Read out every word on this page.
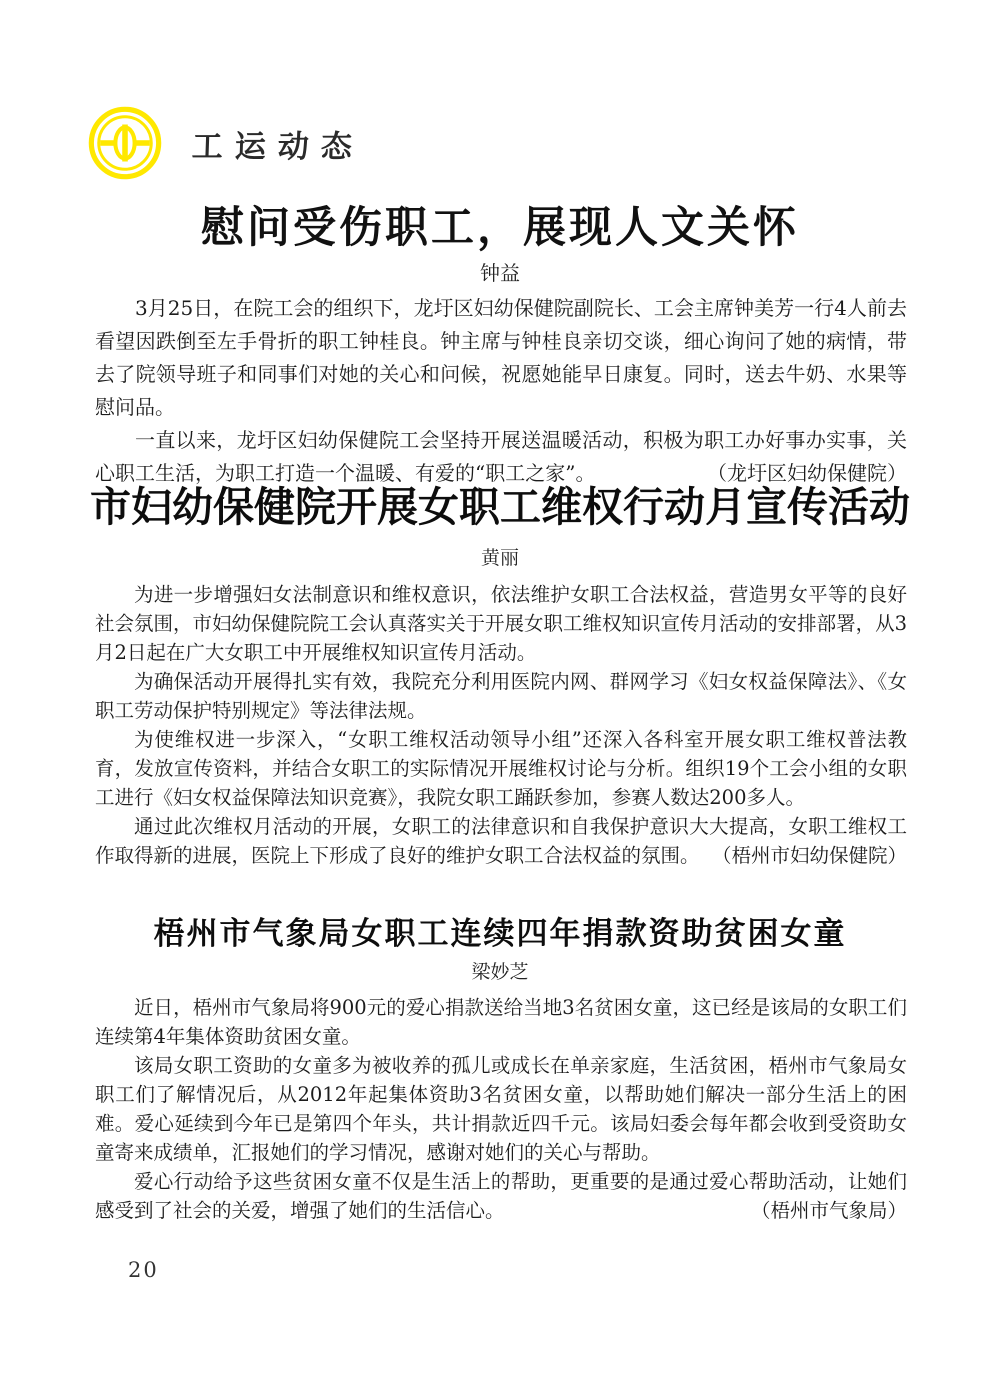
工运动态
慰问受伤职工，展现人文关怀
钟益

3月25日，在院工会的组织下，龙圩区妇幼保健院副院长、工会主席钟美芳一行4人前去看望因跌倒至左手骨折的职工钟桂良。钟主席与钟桂良亲切交谈，细心询问了她的病情，带去了院领导班子和同事们对她的关心和问候，祝愿她能早日康复。同时，送去牛奶、水果等慰问品。

一直以来，龙圩区妇幼保健院工会坚持开展送温暖活动，积极为职工办好事办实事，关心职工生活，为职工打造一个温暖、有爱的“职工之家”。	（龙圩区妇幼保健院）

市妇幼保健院开展女职工维权行动月宣传活动
黄丽

为进一步增强妇女法制意识和维权意识，依法维护女职工合法权益，营造男女平等的良好社会氛围，市妇幼保健院院工会认真落实关于开展女职工维权知识宣传月活动的安排部署，从3月2日起在广大女职工中开展维权知识宣传月活动。

为确保活动开展得扎实有效，我院充分利用医院内网、群网学习《妇女权益保障法》、《女职工劳动保护特别规定》等法律法规。

为使维权进一步深入，“女职工维权活动领导小组”还深入各科室开展女职工维权普法教育，发放宣传资料，并结合女职工的实际情况开展维权讨论与分析。组织19个工会小组的女职工进行《妇女权益保障法知识竞赛》，我院女职工踊跃参加，参赛人数达200多人。

通过此次维权月活动的开展，女职工的法律意识和自我保护意识大大提高，女职工维权工作取得新的进展，医院上下形成了良好的维护女职工合法权益的氛围。 （梧州市妇幼保健院）

梧州市气象局女职工连续四年捐款资助贫困女童
梁妙芝

近日，梧州市气象局将900元的爱心捐款送给当地3名贫困女童，这已经是该局的女职工们连续第4年集体资助贫困女童。

该局女职工资助的女童多为被收养的孤儿或成长在单亲家庭，生活贫困，梧州市气象局女职工们了解情况后，从2012年起集体资助3名贫困女童，以帮助她们解决一部分生活上的困难。爱心延续到今年已是第四个年头，共计捐款近四千元。该局妇委会每年都会收到受资助女童寄来成绩单，汇报她们的学习情况，感谢对她们的关心与帮助。

爱心行动给予这些贫困女童不仅是生活上的帮助，更重要的是通过爱心帮助活动，让她们感受到了社会的关爱，增强了她们的生活信心。	（梧州市气象局）

20
